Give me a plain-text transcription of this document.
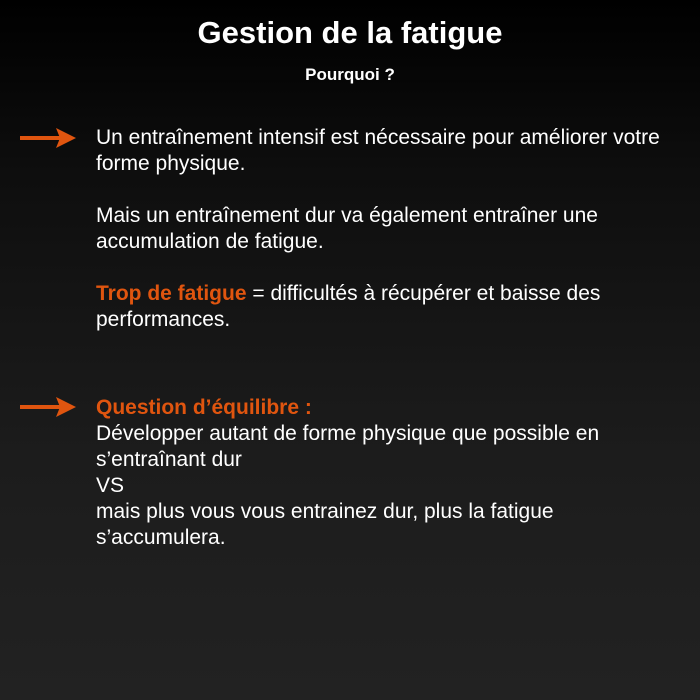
Gestion de la fatigue
Pourquoi ?

Un entraînement intensif est nécessaire pour améliorer votre forme physique.

Mais un entraînement dur va également entraîner une accumulation de fatigue.

Trop de fatigue = difficultés à récupérer et baisse des performances.

Question d’équilibre :

Développer autant de forme physique que possible en s’entraînant dur

VS

mais plus vous vous entrainez dur, plus la fatigue s’accumulera.
